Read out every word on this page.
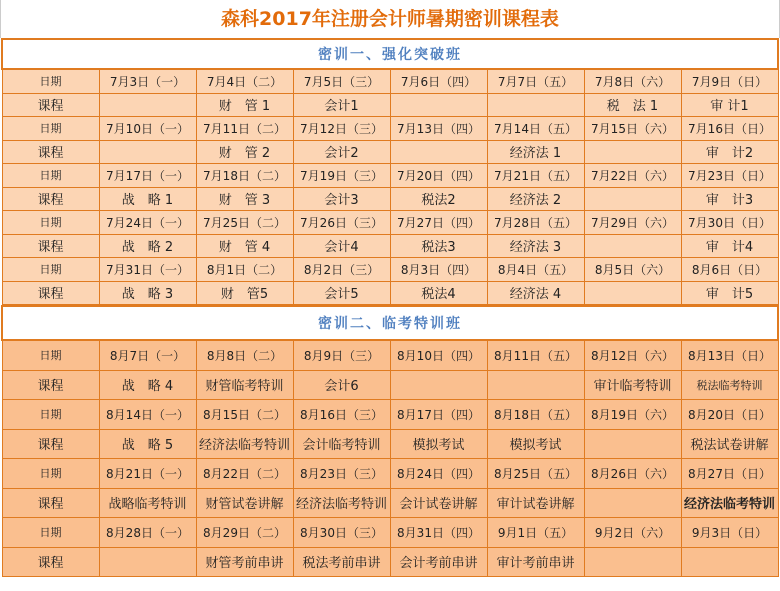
森科2017年注册会计师暑期密训课程表
密训一、强化突破班							
日期	7月3日（一）	7月4日（二）	7月5日（三）	7月6日（四）	7月7日（五）	7月8日（六）	7月9日（日）
课程		财　管 1	会计1			税　法 1	审 计1
日期	7月10日（一）	7月11日（二）	7月12日（三）	7月13日（四）	7月14日（五）	7月15日（六）	7月16日（日）
课程		财　管 2	会计2		经济法 1		审　计2
日期	7月17日（一）	7月18日（二）	7月19日（三）	7月20日（四）	7月21日（五）	7月22日（六）	7月23日（日）
课程	战　略 1	财　管 3	会计3	税法2	经济法 2		审　计3
日期	7月24日（一）	7月25日（二）	7月26日（三）	7月27日（四）	7月28日（五）	7月29日（六）	7月30日（日）
课程	战　略 2	财　管 4	会计4	税法3	经济法 3		审　计4
日期	7月31日（一）	8月1日（二）	8月2日（三）	8月3日（四）	8月4日（五）	8月5日（六）	8月6日（日）
课程	战　略 3	财　管5	会计5	税法4	经济法 4		审　计5
密训二、临考特训班							
日期	8月7日（一）	8月8日（二）	8月9日（三）	8月10日（四）	8月11日（五）	8月12日（六）	8月13日（日）
课程	战　略 4	财管临考特训	会计6			审计临考特训	税法临考特训
日期	8月14日（一）	8月15日（二）	8月16日（三）	8月17日（四）	8月18日（五）	8月19日（六）	8月20日（日）
课程	战　略 5	经济法临考特训	会计临考特训	模拟考试	模拟考试		税法试卷讲解
日期	8月21日（一）	8月22日（二）	8月23日（三）	8月24日（四）	8月25日（五）	8月26日（六）	8月27日（日）
课程	战略临考特训	财管试卷讲解	经济法临考特训	会计试卷讲解	审计试卷讲解		经济法临考特训
日期	8月28日（一）	8月29日（二）	8月30日（三）	8月31日（四）	9月1日（五）	9月2日（六）	9月3日（日）
课程		财管考前串讲	税法考前串讲	会计考前串讲	审计考前串讲		
